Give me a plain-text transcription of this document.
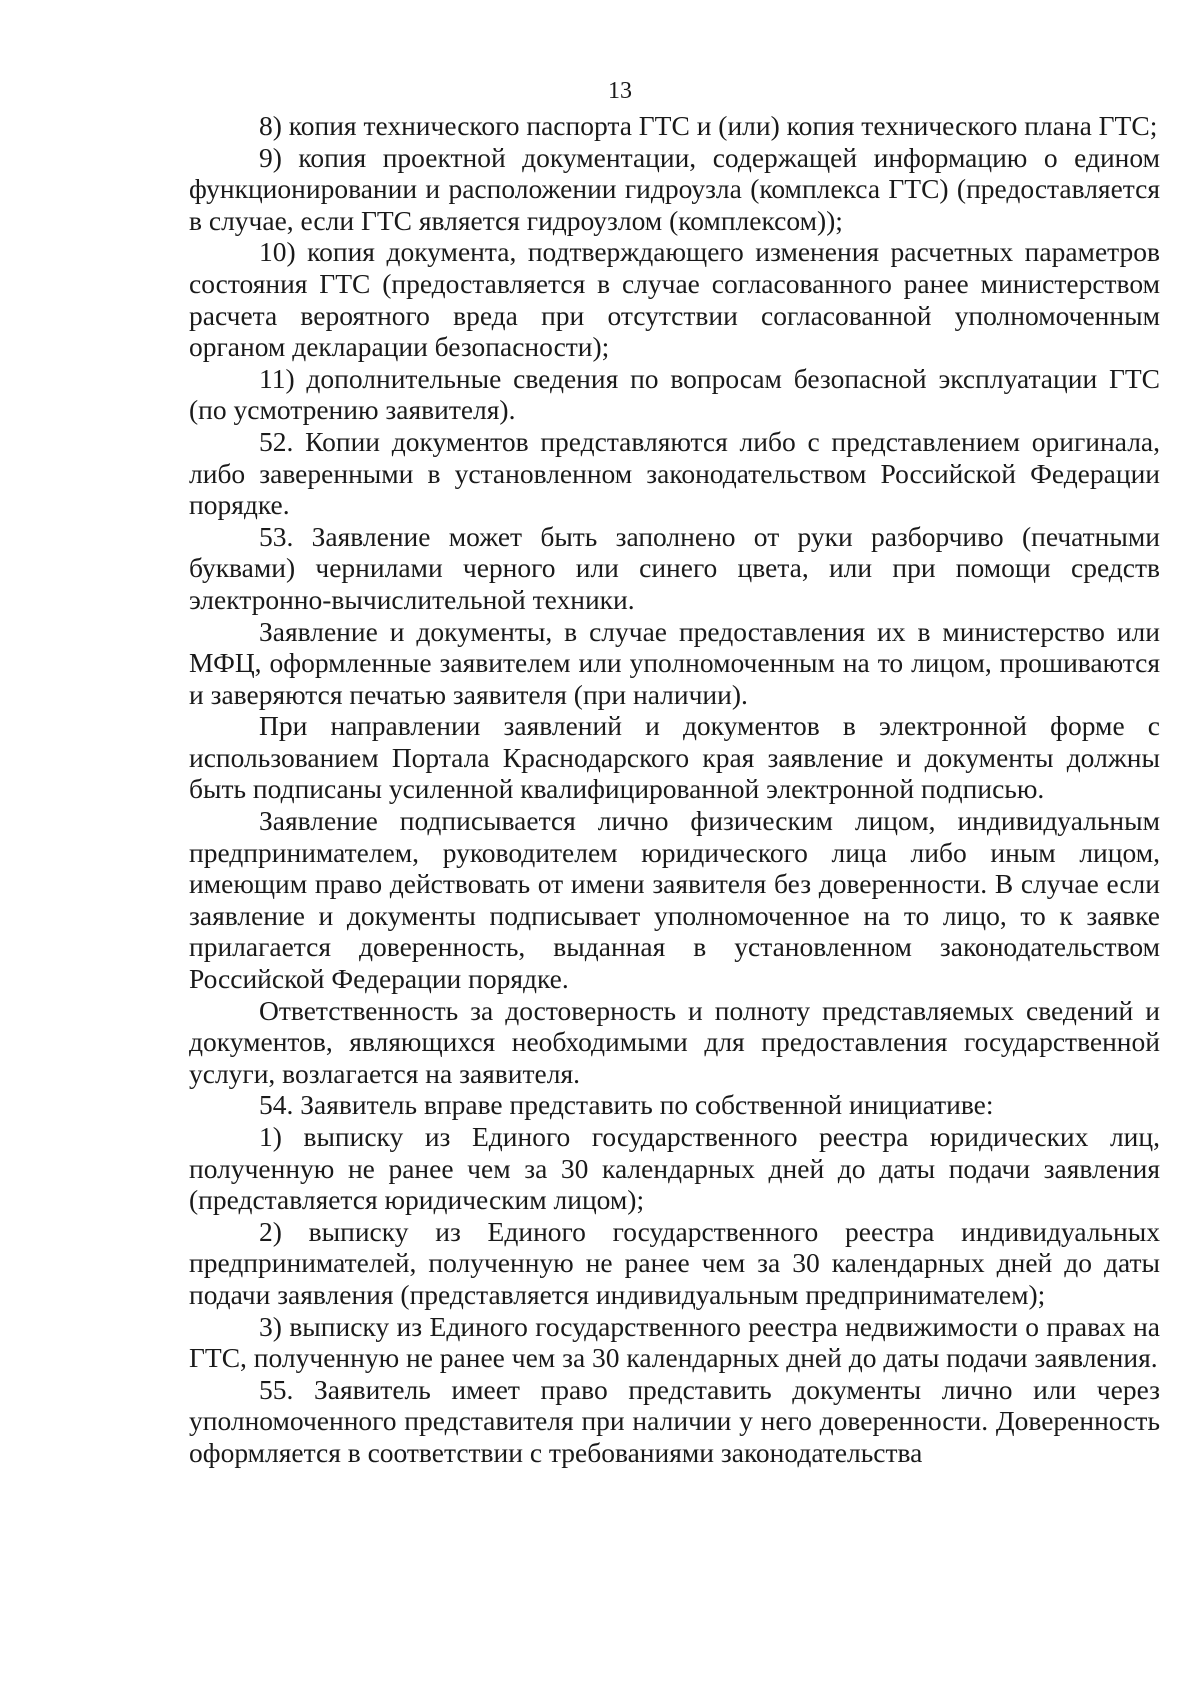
13

8) копия технического паспорта ГТС и (или) копия технического плана ГТС;

9) копия проектной документации, содержащей информацию о едином функционировании и расположении гидроузла (комплекса ГТС) (предоставляется в случае, если ГТС является гидроузлом (комплексом));

10) копия документа, подтверждающего изменения расчетных параметров состояния ГТС (предоставляется в случае согласованного ранее министерством расчета вероятного вреда при отсутствии согласованной уполномоченным органом декларации безопасности);

11) дополнительные сведения по вопросам безопасной эксплуатации ГТС (по усмотрению заявителя).

52. Копии документов представляются либо с представлением оригинала, либо заверенными в установленном законодательством Российской Федерации порядке.

53. Заявление может быть заполнено от руки разборчиво (печатными буквами) чернилами черного или синего цвета, или при помощи средств электронно-вычислительной техники.

Заявление и документы, в случае предоставления их в министерство или МФЦ, оформленные заявителем или уполномоченным на то лицом, прошиваются и заверяются печатью заявителя (при наличии).

При направлении заявлений и документов в электронной форме с использованием Портала Краснодарского края заявление и документы должны быть подписаны усиленной квалифицированной электронной подписью.

Заявление подписывается лично физическим лицом, индивидуальным предпринимателем, руководителем юридического лица либо иным лицом, имеющим право действовать от имени заявителя без доверенности. В случае если заявление и документы подписывает уполномоченное на то лицо, то к заявке прилагается доверенность, выданная в установленном законодательством Российской Федерации порядке.

Ответственность за достоверность и полноту представляемых сведений и документов, являющихся необходимыми для предоставления государственной услуги, возлагается на заявителя.

54. Заявитель вправе представить по собственной инициативе:

1) выписку из Единого государственного реестра юридических лиц, полученную не ранее чем за 30 календарных дней до даты подачи заявления (представляется юридическим лицом);

2) выписку из Единого государственного реестра индивидуальных предпринимателей, полученную не ранее чем за 30 календарных дней до даты подачи заявления (представляется индивидуальным предпринимателем);

3) выписку из Единого государственного реестра недвижимости о правах на ГТС, полученную не ранее чем за 30 календарных дней до даты подачи заявления.

55. Заявитель имеет право представить документы лично или через уполномоченного представителя при наличии у него доверенности. Доверенность оформляется в соответствии с требованиями законодательства
